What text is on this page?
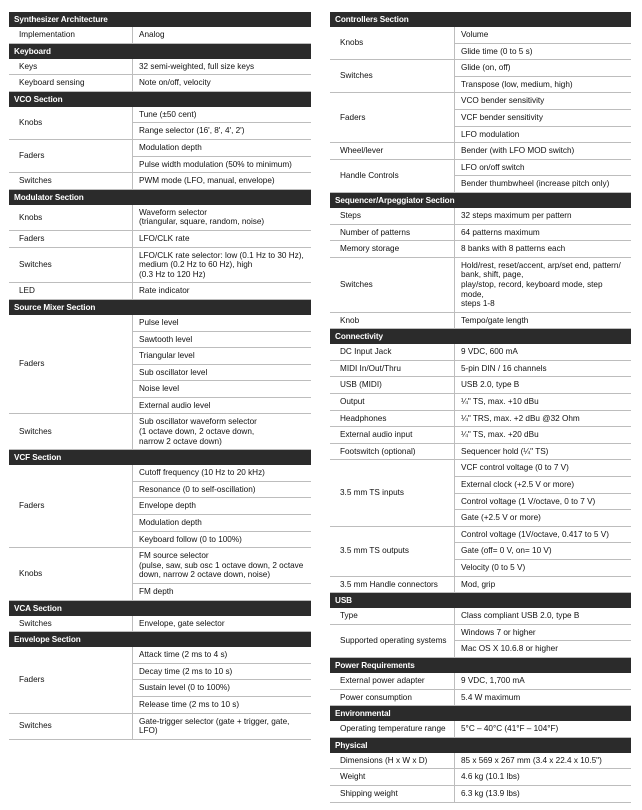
Synthesizer Architecture
Implementation	Analog
Keyboard
Keys	32 semi-weighted, full size keys

Keyboard sensing	Note on/off, velocity
VCO Section
Knobs	Tune (±50 cent)

	Range selector (16', 8', 4', 2')

Faders	Modulation depth

	Pulse width modulation (50% to minimum)

Switches	PWM mode (LFO, manual, envelope)
Modulator Section
Knobs	Waveform selector
(triangular, square, random, noise)

Faders	LFO/CLK rate

Switches	LFO/CLK rate selector: low (0.1 Hz to 30 Hz),
medium (0.2 Hz to 60 Hz), high
(0.3 Hz to 120 Hz)

LED	Rate indicator
Source Mixer Section
Faders	Pulse level

	Sawtooth level

	Triangular level

	Sub oscillator level

	Noise level

	External audio level

Switches	Sub oscillator waveform selector
(1 octave down, 2 octave down,
narrow 2 octave down)
VCF Section
Faders	Cutoff frequency (10 Hz to 20 kHz)

	Resonance (0 to self-oscillation)

	Envelope depth

	Modulation depth

	Keyboard follow (0 to 100%)

Knobs	FM source selector
(pulse, saw, sub osc 1 octave down, 2 octave
down, narrow 2 octave down, noise)

	FM depth
VCA Section
Switches	Envelope, gate selector
Envelope Section
Faders	Attack time (2 ms to 4 s)

	Decay time (2 ms to 10 s)

	Sustain level (0 to 100%)

	Release time (2 ms to 10 s)

Switches	Gate-trigger selector (gate + trigger, gate, LFO)
Controllers Section
Knobs	Volume

	Glide time (0 to 5 s)

Switches	Glide (on, off)

	Transpose (low, medium, high)

Faders	VCO bender sensitivity

	VCF bender sensitivity

	LFO modulation

Wheel/lever	Bender (with LFO MOD switch)

Handle Controls	LFO on/off switch

	Bender thumbwheel (increase pitch only)
Sequencer/Arpeggiator Section
Steps	32 steps maximum per pattern

Number of patterns	64 patterns maximum

Memory storage	8 banks with 8 patterns each

Switches	Hold/rest, reset/accent, arp/set end, pattern/
bank, shift, page,
play/stop, record, keyboard mode, step mode,
steps 1-8

Knob	Tempo/gate length
Connectivity
DC Input Jack	9 VDC, 600 mA

MIDI In/Out/Thru	5-pin DIN / 16 channels

USB (MIDI)	USB 2.0, type B

Output	¼" TS, max. +10 dBu

Headphones	¼" TRS, max. +2 dBu @32 Ohm

External audio input	¼" TS, max. +20 dBu

Footswitch (optional)	Sequencer hold (¼" TS)

3.5 mm TS inputs	VCF control voltage (0 to 7 V)

	External clock (+2.5 V or more)

	Control voltage (1 V/octave, 0 to 7 V)

	Gate (+2.5 V or more)

3.5 mm TS outputs	Control voltage (1V/octave, 0.417 to 5 V)

	Gate (off= 0 V, on= 10 V)

	Velocity (0 to 5 V)

3.5 mm Handle connectors	Mod, grip
USB
Type	Class compliant USB 2.0, type B

Supported operating systems	Windows 7 or higher

	Mac OS X 10.6.8 or higher
Power Requirements
External power adapter	9 VDC, 1,700 mA

Power consumption	5.4 W maximum
Environmental
Operating temperature range	5°C – 40°C (41°F – 104°F)
Physical
Dimensions (H x W x D)	85 x 569 x 267 mm (3.4 x 22.4 x 10.5")

Weight	4.6 kg (10.1 lbs)

Shipping weight	6.3 kg (13.9 lbs)
